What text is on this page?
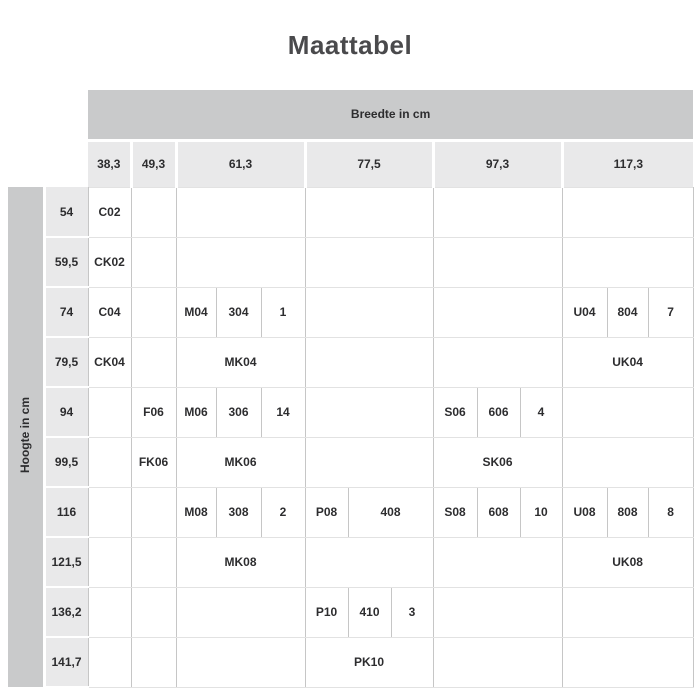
Maattabel
		Breedte in cm													
		38,3	49,3	61,3			77,5			97,3			117,3		
Hoogte in cm	54	C02													
	59,5	CK02													
	74	C04		M04	304	1							U04	804	7
	79,5	CK04		MK04									UK04		
	94		F06	M06	306	14				S06	606	4			
	99,5		FK06	MK06						SK06					
	116			M08	308	2	P08	408		S08	608	10	U08	808	8
	121,5			MK08									UK08		
	136,2						P10	410	3						
	141,7						PK10								
